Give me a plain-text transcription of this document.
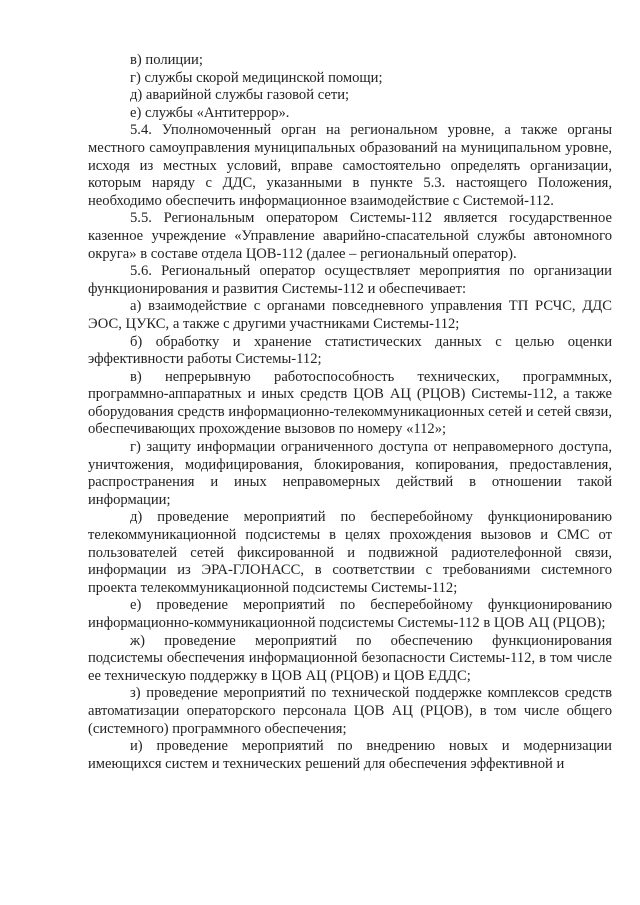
в) полиции;

г) службы скорой медицинской помощи;

д) аварийной службы газовой сети;

е) службы «Антитеррор».

5.4. Уполномоченный орган на региональном уровне, а также органы местного самоуправления муниципальных образований на муниципальном уровне, исходя из местных условий, вправе самостоятельно определять организации, которым наряду с ДДС, указанными в пункте 5.3. настоящего Положения, необходимо обеспечить информационное взаимодействие с Системой-112.

5.5. Региональным оператором Системы-112 является государственное казенное учреждение «Управление аварийно-спасательной службы автономного округа» в составе отдела ЦОВ-112 (далее – региональный оператор).

5.6. Региональный оператор осуществляет мероприятия по организации функционирования и развития Системы-112 и обеспечивает:

а) взаимодействие с органами повседневного управления ТП РСЧС, ДДС ЭОС, ЦУКС, а также с другими участниками Системы-112;

б) обработку и хранение статистических данных с целью оценки эффективности работы Системы-112;

в) непрерывную работоспособность технических, программных, программно-аппаратных и иных средств ЦОВ АЦ (РЦОВ) Системы-112, а также оборудования средств информационно-телекоммуникационных сетей и сетей связи, обеспечивающих прохождение вызовов по номеру «112»;

г) защиту информации ограниченного доступа от неправомерного доступа, уничтожения, модифицирования, блокирования, копирования, предоставления, распространения и иных неправомерных действий в отношении такой информации;

д) проведение мероприятий по бесперебойному функционированию телекоммуникационной подсистемы в целях прохождения вызовов и СМС от пользователей сетей фиксированной и подвижной радиотелефонной связи, информации из ЭРА-ГЛОНАСС, в соответствии с требованиями системного проекта телекоммуникационной подсистемы Системы-112;

е) проведение мероприятий по бесперебойному функционированию информационно-коммуникационной подсистемы Системы-112 в ЦОВ АЦ (РЦОВ);

ж) проведение мероприятий по обеспечению функционирования подсистемы обеспечения информационной безопасности Системы-112, в том числе ее техническую поддержку в ЦОВ АЦ (РЦОВ) и ЦОВ ЕДДС;

з) проведение мероприятий по технической поддержке комплексов средств автоматизации операторского персонала ЦОВ АЦ (РЦОВ), в том числе общего (системного) программного обеспечения;

и) проведение мероприятий по внедрению новых и модернизации имеющихся систем и технических решений для обеспечения эффективной и
